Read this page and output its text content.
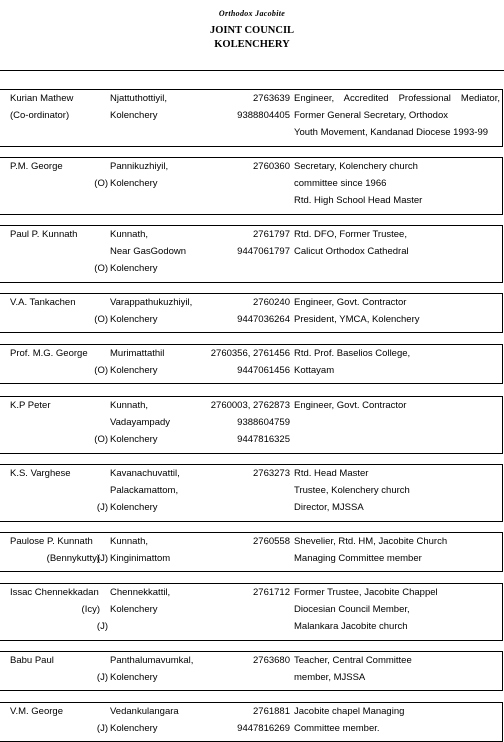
Orthodox Jacobite
JOINT COUNCIL
KOLENCHERY
Kurian Mathew
(Co-ordinator)
Njattuthottiyil,
Kolenchery
2763639
9388804405
Engineer, Accredited Professional Mediator,
Former General Secretary, Orthodox
Youth Movement, Kandanad Diocese 1993-99
P.M. George
(O)
Pannikuzhiyil,
Kolenchery
2760360 Secretary, Kolenchery church
committee since 1966
Rtd. High School Head Master
Paul P. Kunnath
(O)
Kunnath,
Near GasGodown
Kolenchery
2761797
9447061797
Rtd. DFO, Former Trustee,
Calicut Orthodox Cathedral
V.A. Tankachen
(O)
Varappathukuzhiyil,
Kolenchery
2760240
9447036264
Engineer, Govt. Contractor
President, YMCA, Kolenchery
Prof. M.G. George
(O)
Murimattathil
Kolenchery
2760356, 2761456
9447061456
Rtd. Prof. Baselios College,
Kottayam
K.P Peter
(O)
Kunnath,
Vadayampady
Kolenchery
2760003, 2762873
9388604759
9447816325
Engineer, Govt. Contractor
K.S. Varghese
(J)
Kavanachuvattil,
Palackamattom,
Kolenchery
2763273 Rtd. Head Master
Trustee, Kolenchery church
Director, MJSSA
Paulose P. Kunnath
(Bennykutty)
(J)
Kunnath,
Kinginimattom
2760558 Shevelier, Rtd. HM, Jacobite Church
Managing Committee member
Issac Chennekkadan
(Icy)
(J)
Chennekkattil,
Kolenchery
2761712 Former Trustee, Jacobite Chappel
Diocesian Council Member,
Malankara Jacobite church
Babu Paul
(J)
Panthalumavumkal,
Kolenchery
2763680 Teacher, Central Committee
member, MJSSA
V.M. George
(J)
Vedankulangara
Kolenchery
2761881
9447816269
Jacobite chapel Managing
Committee member.
